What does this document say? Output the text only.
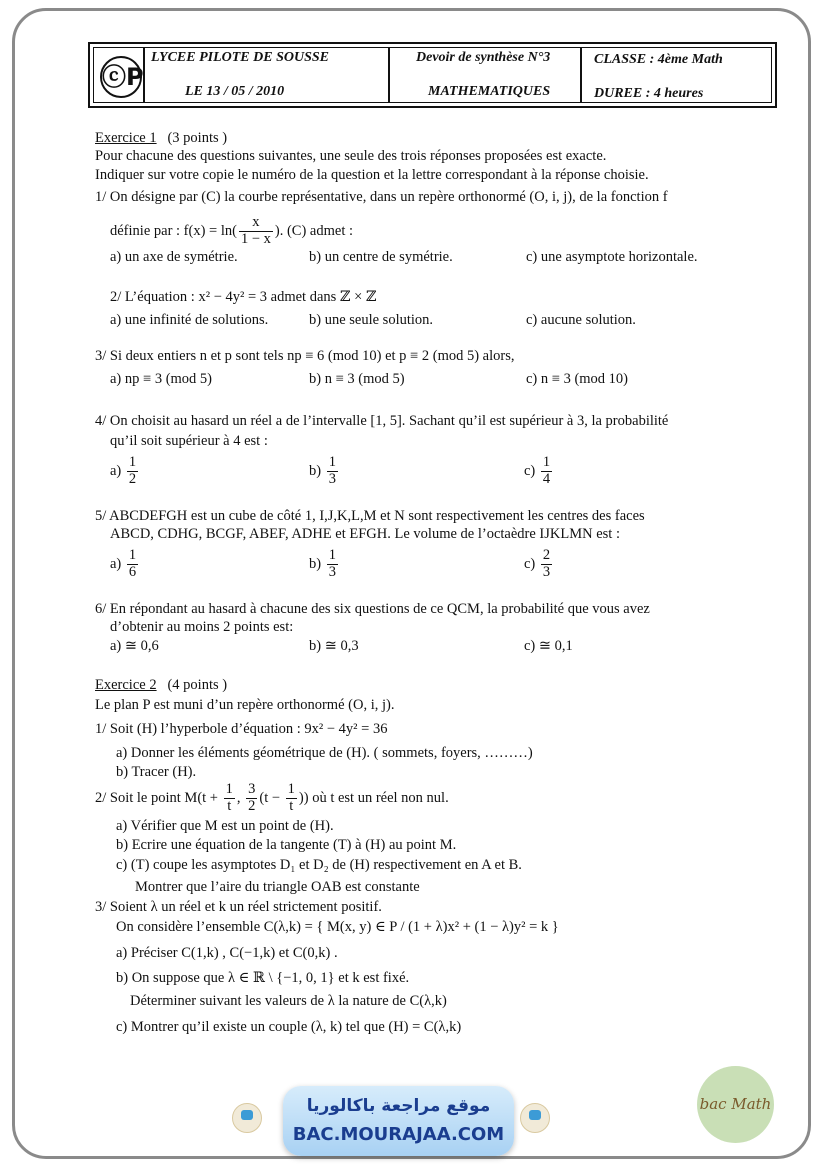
ⓒP
LYCEE PILOTE DE SOUSSE
LE 13 / 05 / 2010
Devoir de synthèse N°3
MATHEMATIQUES
CLASSE : 4ème Math
DUREE : 4 heures
Exercice 1 (3 points )
Pour chacune des questions suivantes, une seule des trois réponses proposées est exacte.
Indiquer sur votre copie le numéro de la question et la lettre correspondant à la réponse choisie.
1/ On désigne par (C) la courbe représentative, dans un repère orthonormé (O, i, j), de la fonction f
définie par : $f(x) = \ln( \frac{x}{1 - x}$ ). (C) admet :
a) un axe de symétrie.	b) un centre de symétrie.	c) une asymptote horizontale.
2/ L’équation : x² − 4y² = 3 admet dans ℤ × ℤ
a) une infinité de solutions.	b) une seule solution.	c) aucune solution.
3/ Si deux entiers n et p sont tels np ≡ 6 (mod 10) et p ≡ 2 (mod 5) alors,
a) np ≡ 3 (mod 5)	b) n ≡ 3 (mod 5)	c) n ≡ 3 (mod 10)
4/ On choisit au hasard un réel a de l’intervalle [1, 5]. Sachant qu’il est supérieur à 3, la probabilité
qu’il soit supérieur à 4 est :
$a) \frac{1}{2}$	$b) \frac{1}{3}$	$c) \frac{1}{4}$
5/ ABCDEFGH est un cube de côté 1, I,J,K,L,M et N sont respectivement les centres des faces
ABCD, CDHG, BCGF, ABEF, ADHE et EFGH. Le volume de l’octaèdre IJKLMN est :
$a) \frac{1}{6}$	$b) \frac{1}{3}$	$c) \frac{2}{3}$
6/ En répondant au hasard à chacune des six questions de ce QCM, la probabilité que vous avez
d’obtenir au moins 2 points est:
a) ≅ 0,6	b) ≅ 0,3	c) ≅ 0,1
Exercice 2 (4 points )
Le plan P est muni d’un repère orthonormé (O, i, j).
1/ Soit (H) l’hyperbole d’équation : 9x² − 4y² = 36
a) Donner les éléments géométrique de (H). ( sommets, foyers, ………)
b) Tracer (H).
2/ Soit le point $M(t + \frac{1}{t}$ , $\frac{3}{2} (t - \frac{1}{t}$ )) où t est un réel non nul.
a) Vérifier que M est un point de (H).
b) Ecrire une équation de la tangente (T) à (H) au point M.
c) (T) coupe les asymptotes D₁ et D₂ de (H) respectivement en A et B.
Montrer que l’aire du triangle OAB est constante
3/ Soient λ un réel et k un réel strictement positif.
On considère l’ensemble C(λ,k) = { M(x, y) ∈ P / (1 + λ)x² + (1 − λ)y² = k }
a) Préciser C(1,k) , C(−1,k) et C(0,k) .
b) On suppose que λ ∈ ℝ \ {−1, 0, 1} et k est fixé.
Déterminer suivant les valeurs de λ la nature de C(λ,k)
c) Montrer qu’il existe un couple (λ, k) tel que (H) = C(λ,k)
موقع مراجعة باكالوريا
BAC.MOURAJAA.COM
bac Math
